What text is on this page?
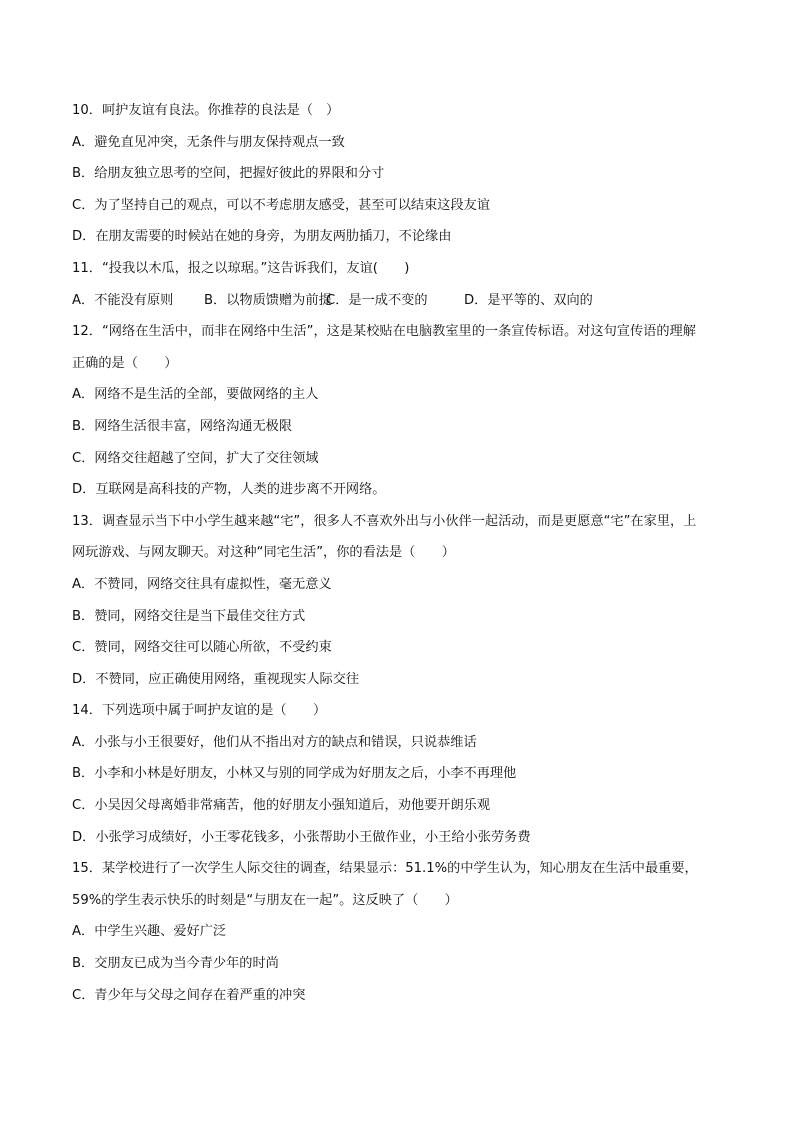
10．呵护友谊有良法。你推荐的良法是（　）
A．避免直见冲突，无条件与朋友保持观点一致
B．给朋友独立思考的空间，把握好彼此的界限和分寸
C．为了坚持自己的观点，可以不考虑朋友感受，甚至可以结束这段友谊
D．在朋友需要的时候站在她的身旁，为朋友两肋插刀，不论缘由
11．“投我以木瓜，报之以琼琚。”这告诉我们，友谊(　　)
A．不能没有原则 B．以物质馈赠为前提C．是一成不变的	D．是平等的、双向的
12．“网络在生活中，而非在网络中生活”，这是某校贴在电脑教室里的一条宣传标语。对这句宣传语的理解
正确的是（　　）
A．网络不是生活的全部，要做网络的主人
B．网络生活很丰富，网络沟通无极限
C．网络交往超越了空间，扩大了交往领域
D．互联网是高科技的产物，人类的进步离不开网络。
13．调查显示当下中小学生越来越“宅”，很多人不喜欢外出与小伙伴一起活动，而是更愿意“宅”在家里，上
网玩游戏、与网友聊天。对这种“同宅生活”，你的看法是（　　）
A．不赞同，网络交往具有虚拟性，毫无意义
B．赞同，网络交往是当下最佳交往方式
C．赞同，网络交往可以随心所欲，不受约束
D．不赞同，应正确使用网络，重视现实人际交往
14．下列选项中属于呵护友谊的是（　　）
A．小张与小王很要好，他们从不指出对方的缺点和错误，只说恭维话
B．小李和小林是好朋友，小林又与别的同学成为好朋友之后，小李不再理他
C．小吴因父母离婚非常痛苦，他的好朋友小强知道后，劝他要开朗乐观
D．小张学习成绩好，小王零花钱多，小张帮助小王做作业，小王给小张劳务费
15．某学校进行了一次学生人际交往的调查，结果显示：51.1%的中学生认为，知心朋友在生活中最重要，
59%的学生表示快乐的时刻是“与朋友在一起”。这反映了（　　）
A．中学生兴趣、爱好广泛
B．交朋友已成为当今青少年的时尚
C．青少年与父母之间存在着严重的冲突
